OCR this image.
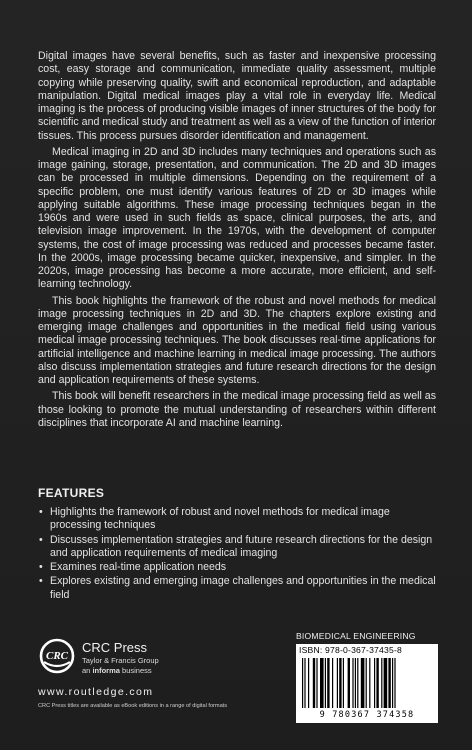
Digital images have several benefits, such as faster and inexpensive processing cost, easy storage and communication, immediate quality assessment, multiple copying while preserving quality, swift and economical reproduction, and adaptable manipulation. Digital medical images play a vital role in everyday life. Medical imaging is the process of producing visible images of inner structures of the body for scientific and medical study and treatment as well as a view of the function of interior tissues. This process pursues disorder identification and management.

Medical imaging in 2D and 3D includes many techniques and operations such as image gaining, storage, presentation, and communication. The 2D and 3D images can be processed in multiple dimensions. Depending on the requirement of a specific problem, one must identify various features of 2D or 3D images while applying suitable algorithms. These image processing techniques began in the 1960s and were used in such fields as space, clinical purposes, the arts, and television image improvement. In the 1970s, with the development of computer systems, the cost of image processing was reduced and processes became faster. In the 2000s, image processing became quicker, inexpensive, and simpler. In the 2020s, image processing has become a more accurate, more efficient, and self-learning technology.

This book highlights the framework of the robust and novel methods for medical image processing techniques in 2D and 3D. The chapters explore existing and emerging image challenges and opportunities in the medical field using various medical image processing techniques. The book discusses real-time applications for artificial intelligence and machine learning in medical image processing. The authors also discuss implementation strategies and future research directions for the design and application requirements of these systems.

This book will benefit researchers in the medical image processing field as well as those looking to promote the mutual understanding of researchers within different disciplines that incorporate AI and machine learning.

FEATURES
• Highlights the framework of robust and novel methods for medical image processing techniques
• Discusses implementation strategies and future research directions for the design and application requirements of medical imaging
• Examines real-time application needs
• Explores existing and emerging image challenges and opportunities in the medical field
CRC
CRC Press
Taylor & Francis Group
an informa business
www.routledge.com
CRC Press titles are available as eBook editions in a range of digital formats
BIOMEDICAL ENGINEERING
ISBN: 978-0-367-37435-8
9 780367 374358
